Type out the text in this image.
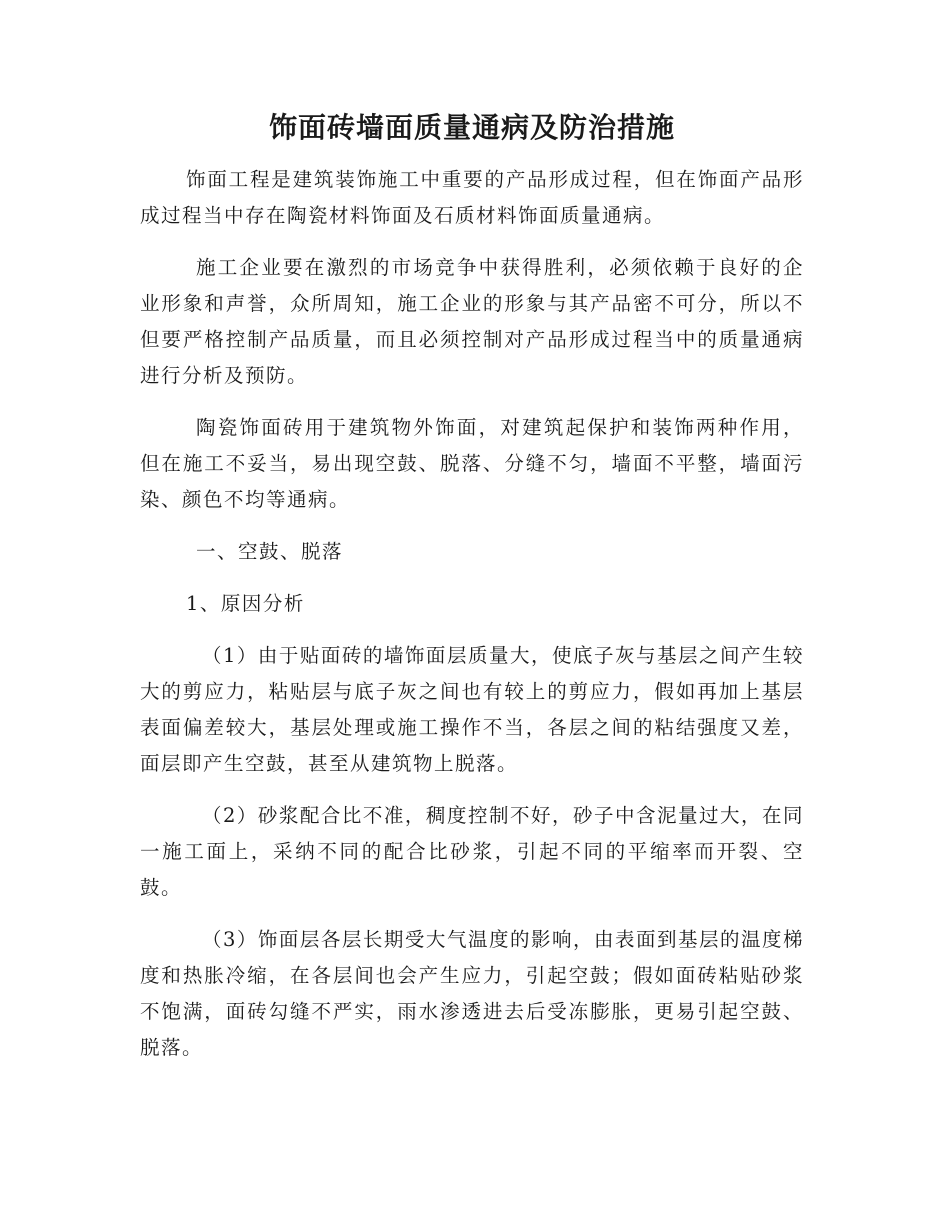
饰面砖墙面质量通病及防治措施

饰面工程是建筑装饰施工中重要的产品形成过程，但在饰面产品形成过程当中存在陶瓷材料饰面及石质材料饰面质量通病。

施工企业要在激烈的市场竞争中获得胜利，必须依赖于良好的企业形象和声誉，众所周知，施工企业的形象与其产品密不可分，所以不但要严格控制产品质量，而且必须控制对产品形成过程当中的质量通病进行分析及预防。

陶瓷饰面砖用于建筑物外饰面，对建筑起保护和装饰两种作用，但在施工不妥当，易出现空鼓、脱落、分缝不匀，墙面不平整，墙面污染、颜色不均等通病。

一、空鼓、脱落

1、原因分析

（1）由于贴面砖的墙饰面层质量大，使底子灰与基层之间产生较大的剪应力，粘贴层与底子灰之间也有较上的剪应力，假如再加上基层表面偏差较大，基层处理或施工操作不当，各层之间的粘结强度又差，面层即产生空鼓，甚至从建筑物上脱落。

（2）砂浆配合比不准，稠度控制不好，砂子中含泥量过大，在同一施工面上，采纳不同的配合比砂浆，引起不同的平缩率而开裂、空鼓。

（3）饰面层各层长期受大气温度的影响，由表面到基层的温度梯度和热胀冷缩，在各层间也会产生应力，引起空鼓；假如面砖粘贴砂浆不饱满，面砖勾缝不严实，雨水渗透进去后受冻膨胀，更易引起空鼓、脱落。
